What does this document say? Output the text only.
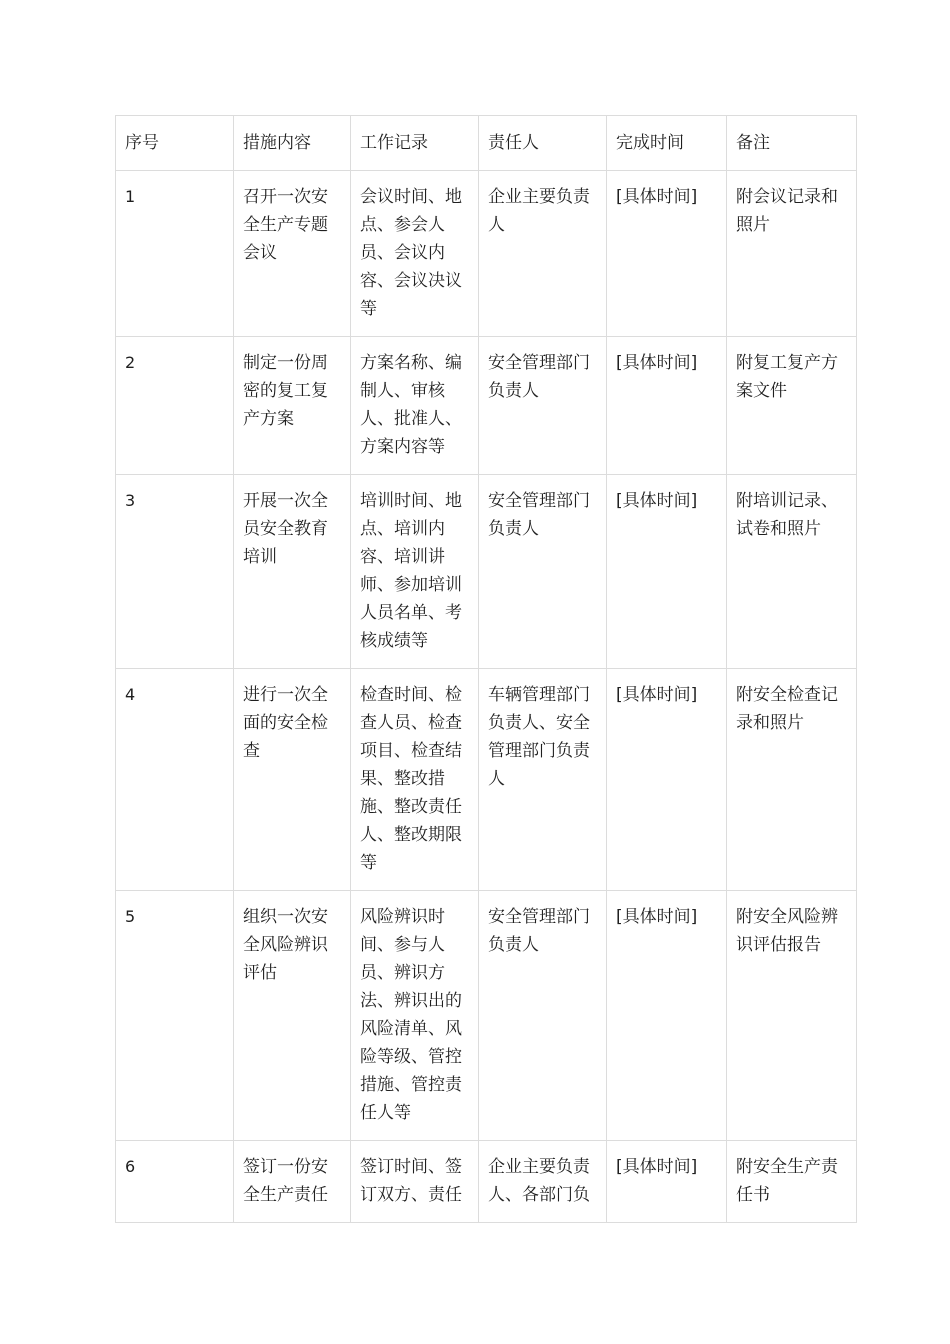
序号	措施内容	工作记录	责任人	完成时间	备注
1	召开一次安全生产专题会议	会议时间、地点、参会人员、会议内容、会议决议等	企业主要负责人	[具体时间]	附会议记录和照片
2	制定一份周密的复工复产方案	方案名称、编制人、审核人、批准人、方案内容等	安全管理部门负责人	[具体时间]	附复工复产方案文件
3	开展一次全员安全教育培训	培训时间、地点、培训内容、培训讲师、参加培训人员名单、考核成绩等	安全管理部门负责人	[具体时间]	附培训记录、试卷和照片
4	进行一次全面的安全检查	检查时间、检查人员、检查项目、检查结果、整改措施、整改责任人、整改期限等	车辆管理部门负责人、安全管理部门负责人	[具体时间]	附安全检查记录和照片
5	组织一次安全风险辨识评估	风险辨识时间、参与人员、辨识方法、辨识出的风险清单、风险等级、管控措施、管控责任人等	安全管理部门负责人	[具体时间]	附安全风险辨识评估报告
6	签订一份安全生产责任	签订时间、签订双方、责任	企业主要负责人、各部门负	[具体时间]	附安全生产责任书
